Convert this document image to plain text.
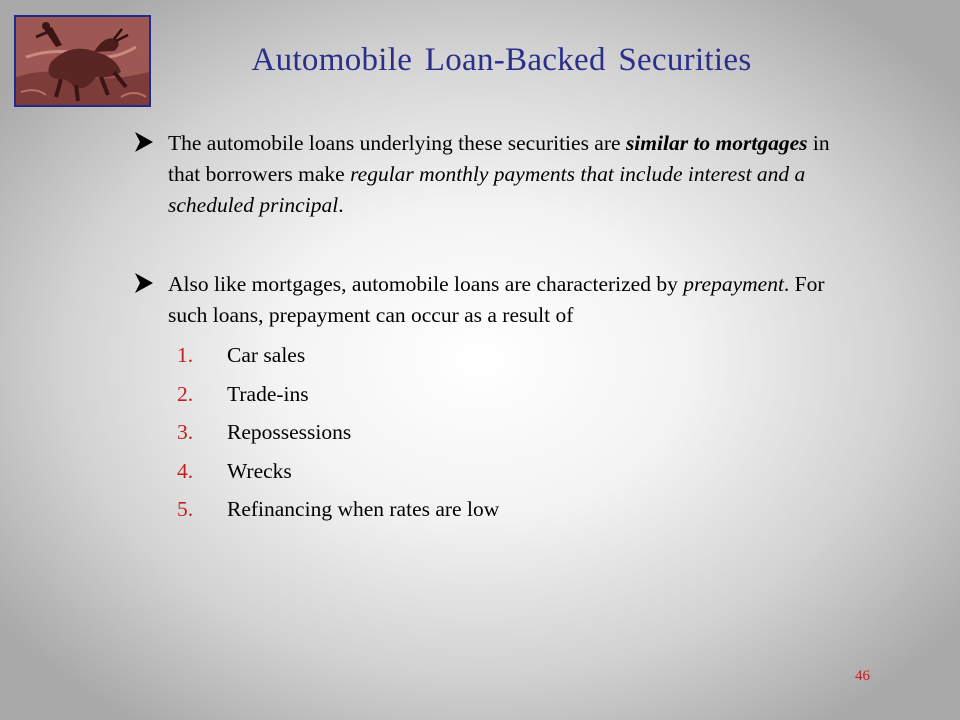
Automobile Loan-Backed Securities
The automobile loans underlying these securities are similar to mortgages in that borrowers make regular monthly payments that include interest and a scheduled principal.
Also like mortgages, automobile loans are characterized by prepayment. For such loans, prepayment can occur as a result of
1. Car sales
2. Trade-ins
3. Repossessions
4. Wrecks
5. Refinancing when rates are low
46
